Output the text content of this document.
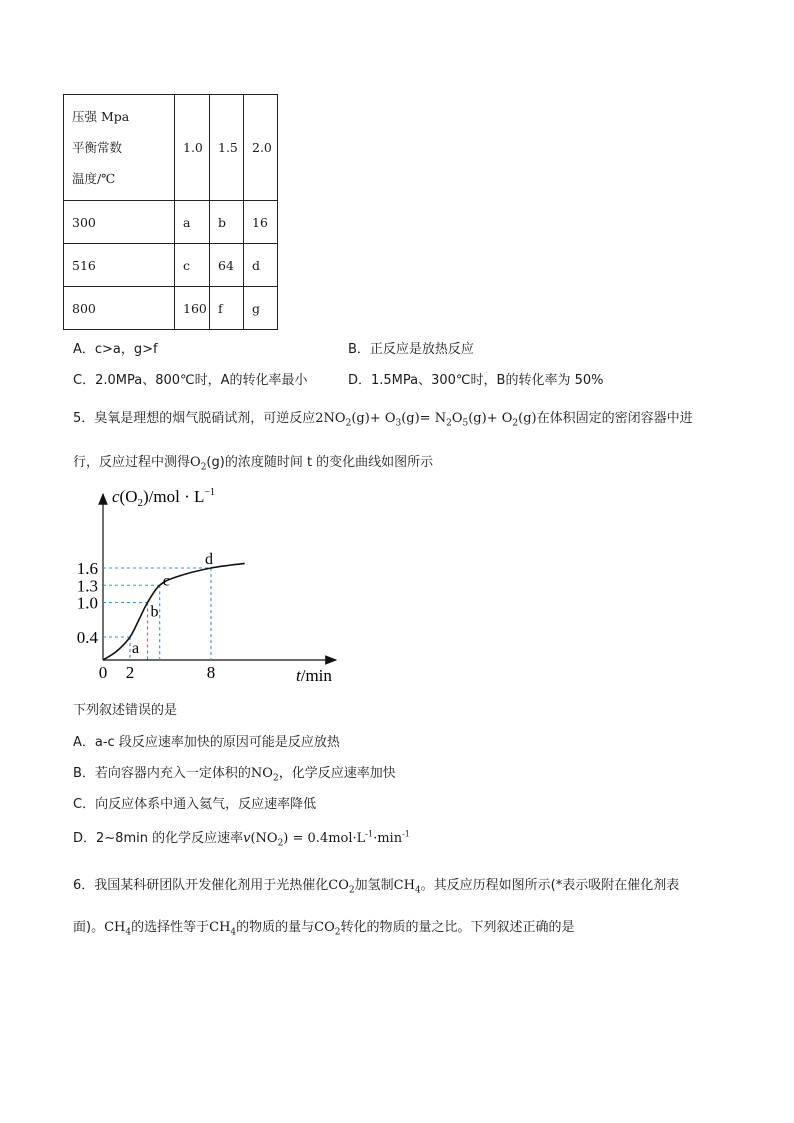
压强 Mpa
平衡常数
温度/℃	1.0	1.5	2.0
300	a	b	16
516	c	64	d
800	160	f	g
A．c>a，g>f	B．正反应是放热反应
C．2.0MPa、800℃时，A的转化率最小	D．1.5MPa、300℃时，B的转化率为 50%
5．臭氧是理想的烟气脱硝试剂，可逆反应$2NO_2(g)+ O_3(g)= N_2O_5(g)+ O_2(g)$在体积固定的密闭容器中进
行，反应过程中测得$O_2(g)$的浓度随时间 t 的变化曲线如图所示
$c(O_2)$/mol · $L^{-1}$
t/min
0.4
1.0
1.3
1.6
0 2	8
a
b
c
d
下列叙述错误的是
A．a-c 段反应速率加快的原因可能是反应放热
B．若向容器内充入一定体积的$NO_2$，化学反应速率加快
C．向反应体系中通入氦气，反应速率降低
D．2~8min 的化学反应速率$v(NO_2) = 0.4mol\cdot L^{-1}\cdot\min^{-1}$
6．我国某科研团队开发催化剂用于光热催化$CO_2$加氢制$CH_4$。其反应历程如图所示(*表示吸附在催化剂表
面)。$CH_4$的选择性等于$CH_4$的物质的量与$CO_2$转化的物质的量之比。下列叙述正确的是
